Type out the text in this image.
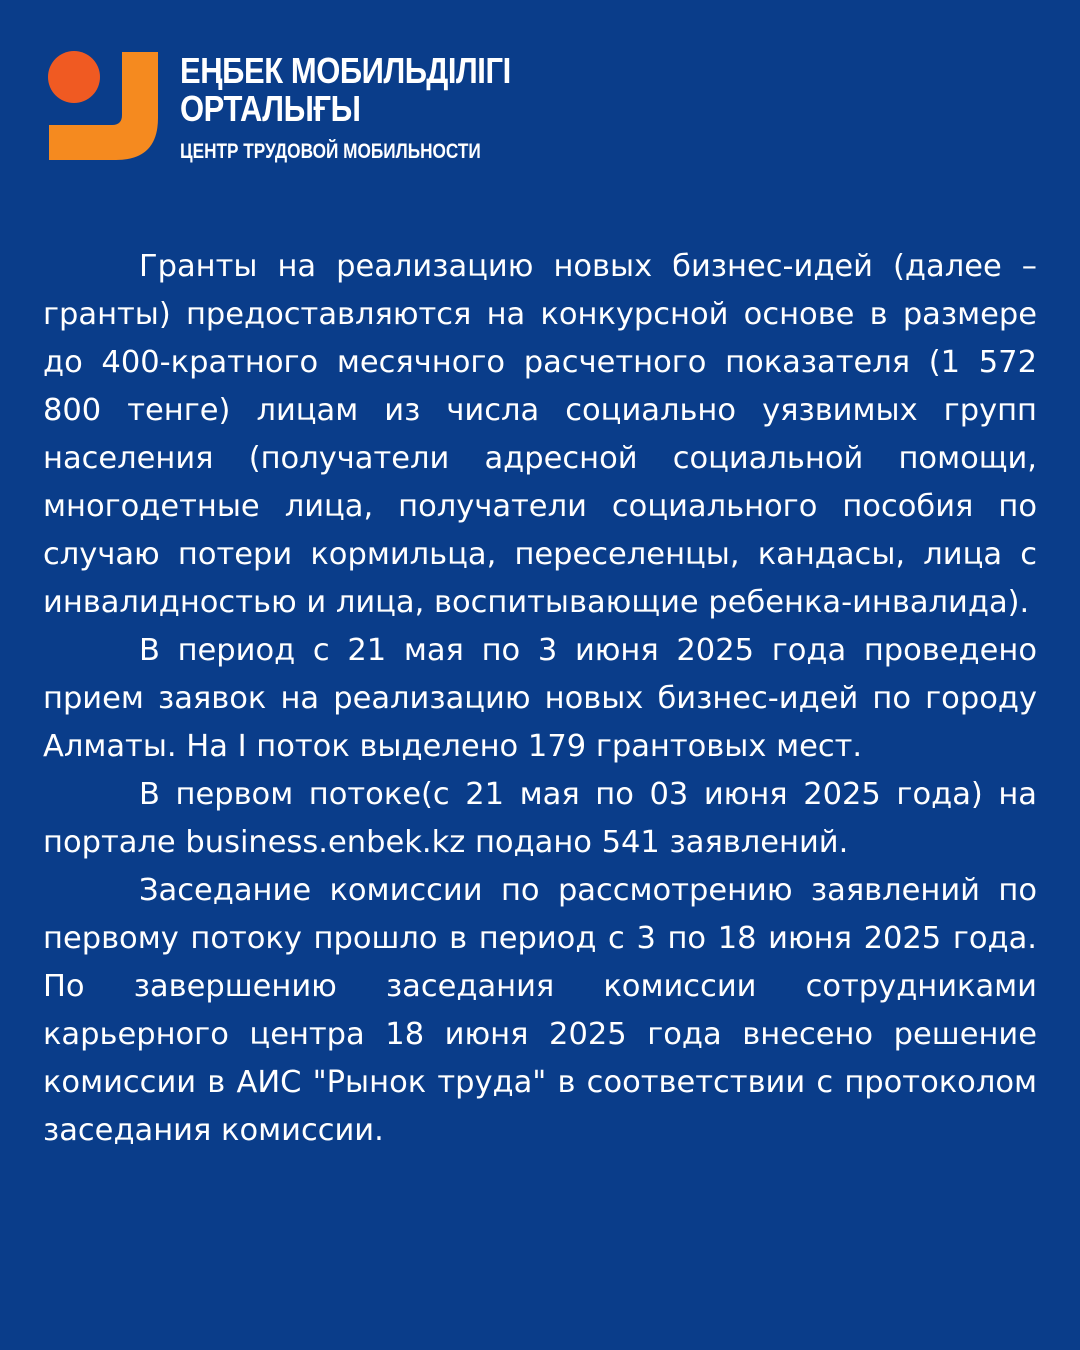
ЕҢБЕК МОБИЛЬДІЛІГІ
ОРТАЛЫҒЫ
ЦЕНТР ТРУДОВОЙ МОБИЛЬНОСТИ

Гранты на реализацию новых бизнес-идей (далее – гранты) предоставляются на конкурсной основе в размере до 400-кратного месячного расчетного показателя (1 572 800 тенге) лицам из числа социально уязвимых групп населения (получатели адресной социальной помощи, многодетные лица, получатели социального пособия по случаю потери кормильца, переселенцы, кандасы, лица с инвалидностью и лица, воспитывающие ребенка-инвалида).

В период с 21 мая по 3 июня 2025 года проведено прием заявок на реализацию новых бизнес-идей по городу Алматы. На I поток выделено 179 грантовых мест.

В первом потоке(с 21 мая по 03 июня 2025 года) на портале business.enbek.kz подано 541 заявлений.

Заседание комиссии по рассмотрению заявлений по первому потоку прошло в период с 3 по 18 июня 2025 года. По завершению заседания комиссии сотрудниками карьерного центра 18 июня 2025 года внесено решение комиссии в АИС "Рынок труда" в соответствии с протоколом заседания комиссии.
